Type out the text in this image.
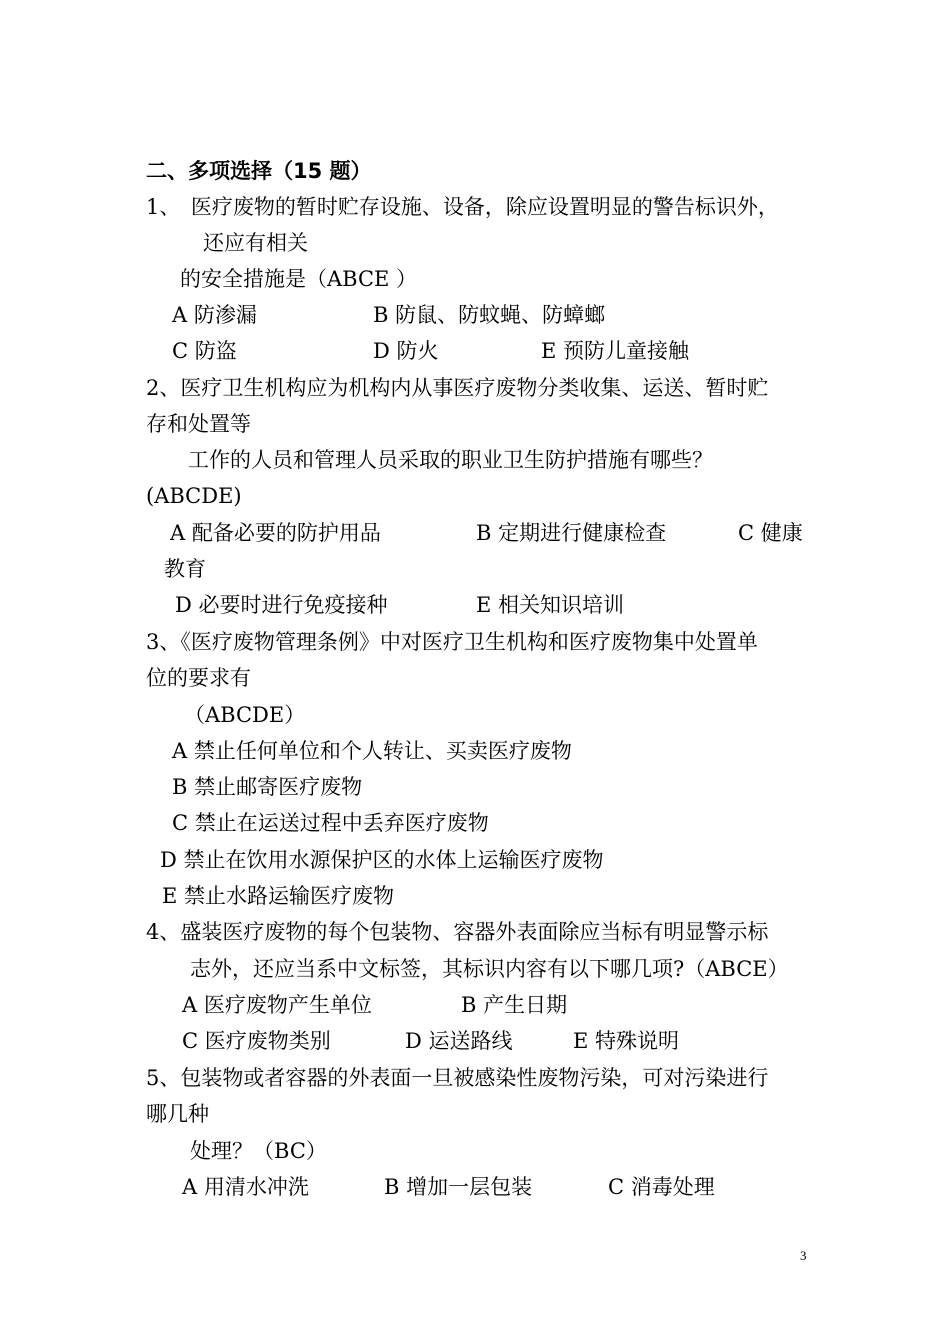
二、多项选择（15 题）
1、　医疗废物的暂时贮存设施、设备，除应设置明显的警告标识外，
还应有相关
的安全措施是（ABCE ）
A 防渗漏	B 防鼠、防蚊蝇、防蟑螂
C 防盗	D 防火	E 预防儿童接触
2、医疗卫生机构应为机构内从事医疗废物分类收集、运送、暂时贮
存和处置等
工作的人员和管理人员采取的职业卫生防护措施有哪些？
(ABCDE)
A 配备必要的防护用品	B 定期进行健康检查	C 健康
教育
D 必要时进行免疫接种	E 相关知识培训
3、《医疗废物管理条例》中对医疗卫生机构和医疗废物集中处置单
位的要求有
（ABCDE）
A 禁止任何单位和个人转让、买卖医疗废物
B 禁止邮寄医疗废物
C 禁止在运送过程中丢弃医疗废物
D 禁止在饮用水源保护区的水体上运输医疗废物
E 禁止水路运输医疗废物
4、盛装医疗废物的每个包装物、容器外表面除应当标有明显警示标
志外，还应当系中文标签，其标识内容有以下哪几项?（ABCE）
A 医疗废物产生单位	B 产生日期
C 医疗废物类别	D 运送路线	E 特殊说明
5、包装物或者容器的外表面一旦被感染性废物污染，可对污染进行
哪几种
处理？（BC）
A 用清水冲洗	B 增加一层包装	C 消毒处理
3
